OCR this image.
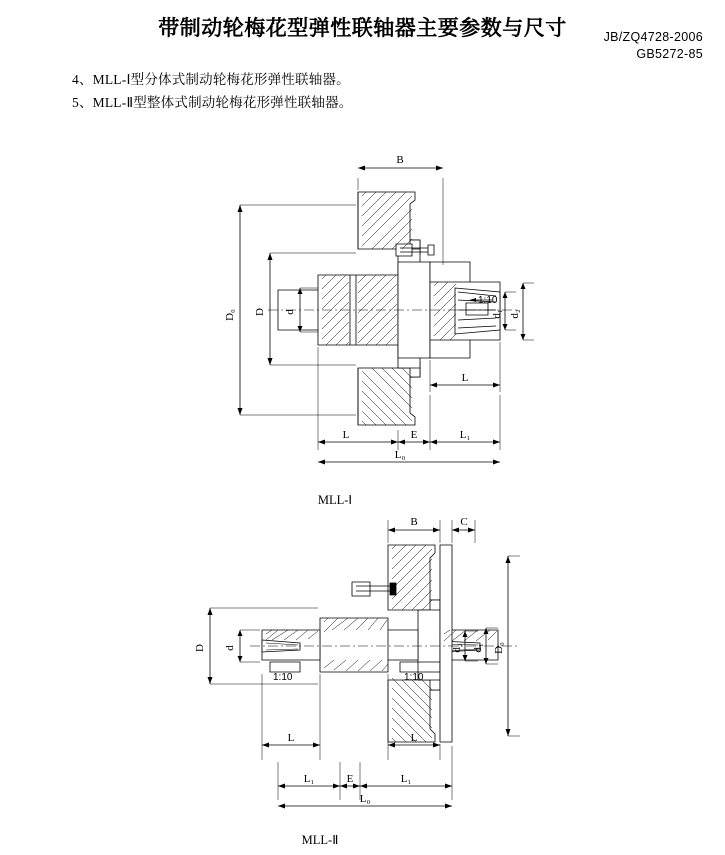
带制动轮梅花型弹性联轴器主要参数与尺寸	JB/ZQ4728-2006
GB5272-85
4、MLL-Ⅰ型分体式制动轮梅花形弹性联轴器。
5、MLL-Ⅱ型整体式制动轮梅花形弹性联轴器。
B
D₀ D d	d₁ d₂
L
L	E	L₁
L₀
1:10
B	C
D d	d₂ d₁ D₀
L	L
L₁	E	L₁
L₀
1:10	1:10
MLL-Ⅰ
MLL-Ⅱ
